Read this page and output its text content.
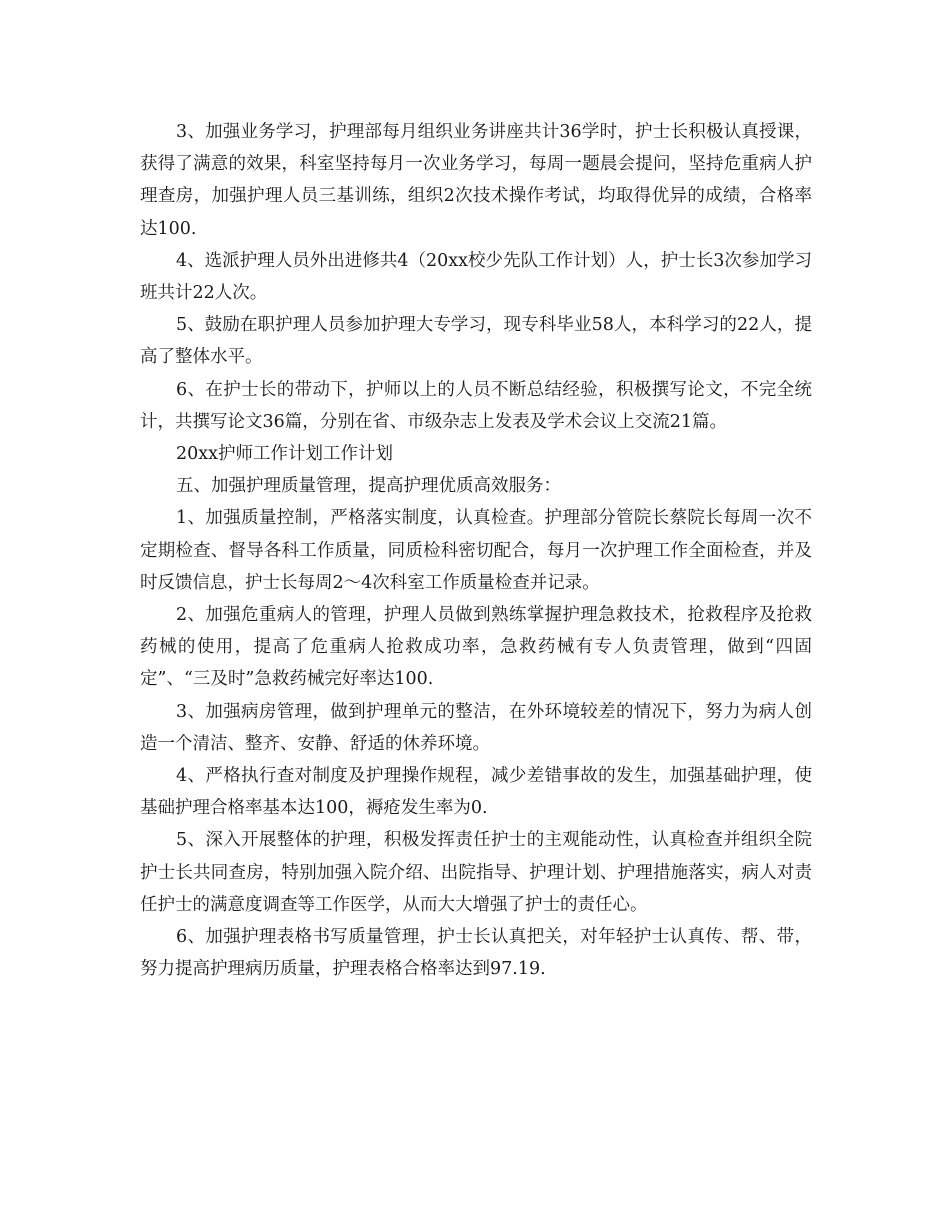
3、加强业务学习，护理部每月组织业务讲座共计36学时，护士长积极认真授课，获得了满意的效果，科室坚持每月一次业务学习，每周一题晨会提问，坚持危重病人护理查房，加强护理人员三基训练，组织2次技术操作考试，均取得优异的成绩，合格率达100.

4、选派护理人员外出进修共4（20xx校少先队工作计划）人，护士长3次参加学习班共计22人次。

5、鼓励在职护理人员参加护理大专学习，现专科毕业58人，本科学习的22人，提高了整体水平。

6、在护士长的带动下，护师以上的人员不断总结经验，积极撰写论文，不完全统计，共撰写论文36篇，分别在省、市级杂志上发表及学术会议上交流21篇。

20xx护师工作计划工作计划

五、加强护理质量管理，提高护理优质高效服务：

1、加强质量控制，严格落实制度，认真检查。护理部分管院长蔡院长每周一次不定期检查、督导各科工作质量，同质检科密切配合，每月一次护理工作全面检查，并及时反馈信息，护士长每周2～4次科室工作质量检查并记录。

2、加强危重病人的管理，护理人员做到熟练掌握护理急救技术，抢救程序及抢救药械的使用，提高了危重病人抢救成功率，急救药械有专人负责管理，做到“四固定”、“三及时”急救药械完好率达100.

3、加强病房管理，做到护理单元的整洁，在外环境较差的情况下，努力为病人创造一个清洁、整齐、安静、舒适的休养环境。

4、严格执行查对制度及护理操作规程，减少差错事故的发生，加强基础护理，使基础护理合格率基本达100，褥疮发生率为0.

5、深入开展整体的护理，积极发挥责任护士的主观能动性，认真检查并组织全院护士长共同查房，特别加强入院介绍、出院指导、护理计划、护理措施落实，病人对责任护士的满意度调查等工作医学，从而大大增强了护士的责任心。

6、加强护理表格书写质量管理，护士长认真把关，对年轻护士认真传、帮、带，努力提高护理病历质量，护理表格合格率达到97.19.
